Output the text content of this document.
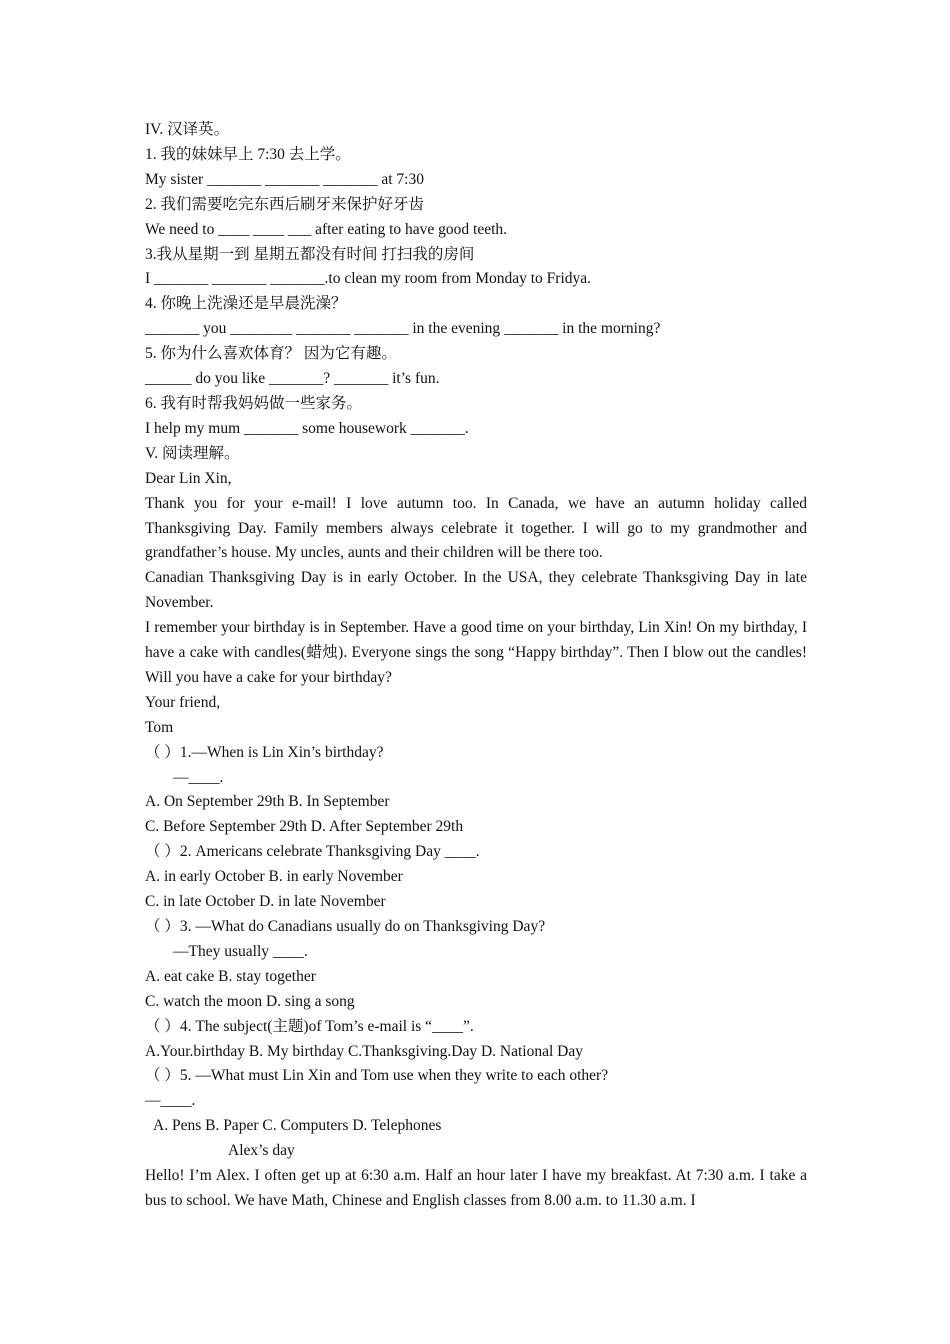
IV. 汉译英。
1. 我的妹妹早上 7:30 去上学。
My sister _______ _______ _______ at 7:30
2. 我们需要吃完东西后刷牙来保护好牙齿
We need to ____ ____ ___ after eating to have good teeth.
3.我从星期一到 星期五都没有时间 打扫我的房间
I _______ _______ _______.to clean my room from Monday to Fridya.
4. 你晚上洗澡还是早晨洗澡？
_______ you ________ _______ _______ in the evening _______ in the morning?
5. 你为什么喜欢体育？ 因为它有趣。
______ do you like _______? _______ it’s fun.
6. 我有时帮我妈妈做一些家务。
I help my mum _______ some housework _______.
V. 阅读理解。
Dear Lin Xin,
Thank you for your e-mail! I love autumn too. In Canada, we have an autumn holiday called Thanksgiving Day. Family members always celebrate it together. I will go to my grandmother and grandfather’s house. My uncles, aunts and their children will be there too.
Canadian Thanksgiving Day is in early October. In the USA, they celebrate Thanksgiving Day in late November.
I remember your birthday is in September. Have a good time on your birthday, Lin Xin! On my birthday, I have a cake with candles(蜡烛). Everyone sings the song “Happy birthday”. Then I blow out the candles! Will you have a cake for your birthday?
Your friend,
Tom
（ ）1.—When is Lin Xin’s birthday?
—____.
A. On September 29th B. In September
C. Before September 29th D. After September 29th
（ ）2. Americans celebrate Thanksgiving Day ____.
A. in early October B. in early November
C. in late October D. in late November
（ ）3. —What do Canadians usually do on Thanksgiving Day?
—They usually ____.
A. eat cake B. stay together
C. watch the moon D. sing a song
（ ）4. The subject(主题)of Tom’s e-mail is “____”.
A.Your.birthday B. My birthday C.Thanksgiving.Day D. National Day
（ ）5. —What must Lin Xin and Tom use when they write to each other?
—____.
A. Pens B. Paper C. Computers D. Telephones
Alex’s day
Hello! I’m Alex. I often get up at 6:30 a.m. Half an hour later I have my breakfast. At 7:30 a.m. I take a bus to school. We have Math, Chinese and English classes from 8.00 a.m. to 11.30 a.m. I
